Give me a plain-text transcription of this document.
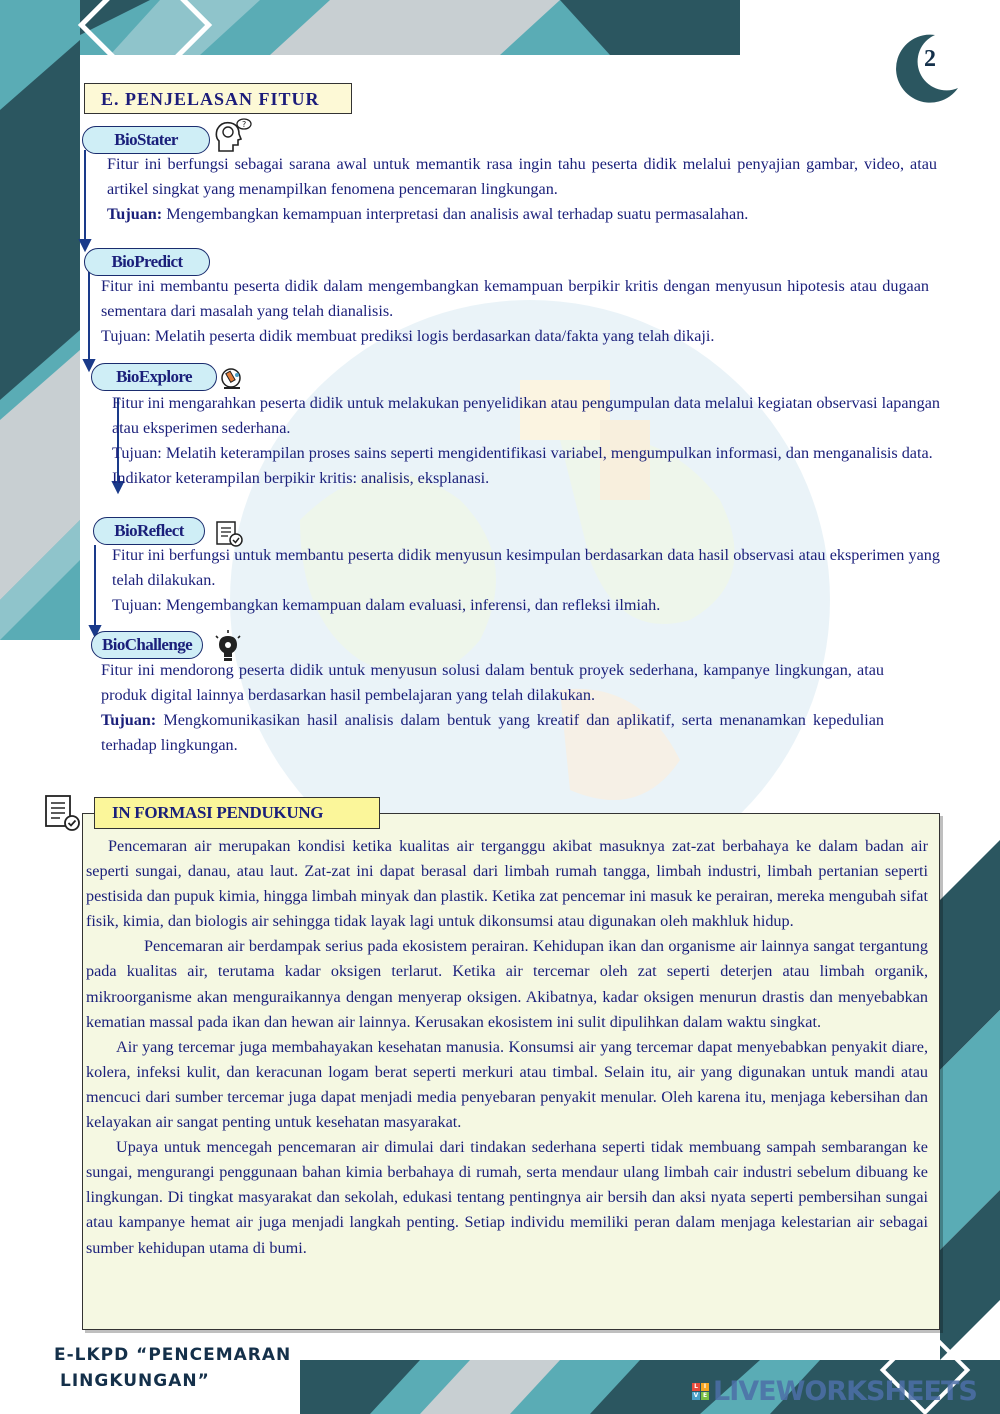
2
E. PENJELASAN FITUR
BioStater
?

Fitur ini berfungsi sebagai sarana awal untuk memantik rasa ingin tahu peserta didik melalui penyajian gambar, video, atau artikel singkat yang menampilkan fenomena pencemaran lingkungan.

Tujuan: Mengembangkan kemampuan interpretasi dan analisis awal terhadap suatu permasalahan.

BioPredict

Fitur ini membantu peserta didik dalam mengembangkan kemampuan berpikir kritis dengan menyusun hipotesis atau dugaan sementara dari masalah yang telah dianalisis.

Tujuan: Melatih peserta didik membuat prediksi logis berdasarkan data/fakta yang telah dikaji.

BioExplore

Fitur ini mengarahkan peserta didik untuk melakukan penyelidikan atau pengumpulan data melalui kegiatan observasi lapangan atau eksperimen sederhana.

Tujuan: Melatih keterampilan proses sains seperti mengidentifikasi variabel, mengumpulkan informasi, dan menganalisis data.

Indikator keterampilan berpikir kritis: analisis, eksplanasi.

BioReflect

Fitur ini berfungsi untuk membantu peserta didik menyusun kesimpulan berdasarkan data hasil observasi atau eksperimen yang telah dilakukan.

Tujuan: Mengembangkan kemampuan dalam evaluasi, inferensi, dan refleksi ilmiah.

BioChallenge

Fitur ini mendorong peserta didik untuk menyusun solusi dalam bentuk proyek sederhana, kampanye lingkungan, atau produk digital lainnya berdasarkan hasil pembelajaran yang telah dilakukan.

Tujuan: Mengkomunikasikan hasil analisis dalam bentuk yang kreatif dan aplikatif, serta menanamkan kepedulian terhadap lingkungan.

IN FORMASI PENDUKUNG

Pencemaran air merupakan kondisi ketika kualitas air terganggu akibat masuknya zat-zat berbahaya ke dalam badan air seperti sungai, danau, atau laut. Zat-zat ini dapat berasal dari limbah rumah tangga, limbah industri, limbah pertanian seperti pestisida dan pupuk kimia, hingga limbah minyak dan plastik. Ketika zat pencemar ini masuk ke perairan, mereka mengubah sifat fisik, kimia, dan biologis air sehingga tidak layak lagi untuk dikonsumsi atau digunakan oleh makhluk hidup.

Pencemaran air berdampak serius pada ekosistem perairan. Kehidupan ikan dan organisme air lainnya sangat tergantung pada kualitas air, terutama kadar oksigen terlarut. Ketika air tercemar oleh zat seperti deterjen atau limbah organik, mikroorganisme akan menguraikannya dengan menyerap oksigen. Akibatnya, kadar oksigen menurun drastis dan menyebabkan kematian massal pada ikan dan hewan air lainnya. Kerusakan ekosistem ini sulit dipulihkan dalam waktu singkat.

Air yang tercemar juga membahayakan kesehatan manusia. Konsumsi air yang tercemar dapat menyebabkan penyakit diare, kolera, infeksi kulit, dan keracunan logam berat seperti merkuri atau timbal. Selain itu, air yang digunakan untuk mandi atau mencuci dari sumber tercemar juga dapat menjadi media penyebaran penyakit menular. Oleh karena itu, menjaga kebersihan dan kelayakan air sangat penting untuk kesehatan masyarakat.

Upaya untuk mencegah pencemaran air dimulai dari tindakan sederhana seperti tidak membuang sampah sembarangan ke sungai, mengurangi penggunaan bahan kimia berbahaya di rumah, serta mendaur ulang limbah cair industri sebelum dibuang ke lingkungan. Di tingkat masyarakat dan sekolah, edukasi tentang pentingnya air bersih dan aksi nyata seperti pembersihan sungai atau kampanye hemat air juga menjadi langkah penting. Setiap individu memiliki peran dalam menjaga kelestarian air sebagai sumber kehidupan utama di bumi.

E-LKPD “PENCEMARAN
LINGKUNGAN”	L I
V E LIVEWORKSHEETS
